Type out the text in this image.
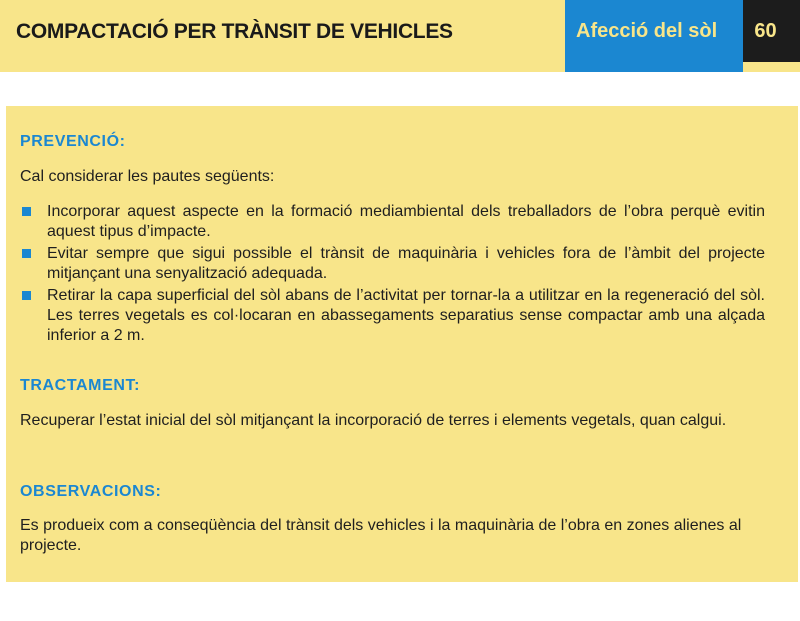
COMPACTACIÓ PER TRÀNSIT DE VEHICLES	Afecció del sòl	60
PREVENCIÓ:
Cal considerar les pautes següents:
Incorporar aquest aspecte en la formació mediambiental dels treballadors de l’obra perquè evitin aquest tipus d’impacte.
Evitar sempre que sigui possible el trànsit de maquinària i vehicles fora de l’àmbit del projecte mitjançant una senyalització adequada.
Retirar la capa superficial del sòl abans de l’activitat per tornar-la a utilitzar en la regeneració del sòl. Les terres vegetals es col·locaran en abassegaments separatius sense compactar amb una alçada inferior a 2 m.
TRACTAMENT:
Recuperar l’estat inicial del sòl mitjançant la incorporació de terres i elements vegetals, quan calgui.
OBSERVACIONS:
Es produeix com a conseqüència del trànsit dels vehicles i la maquinària de l’obra en zones alienes al projecte.
